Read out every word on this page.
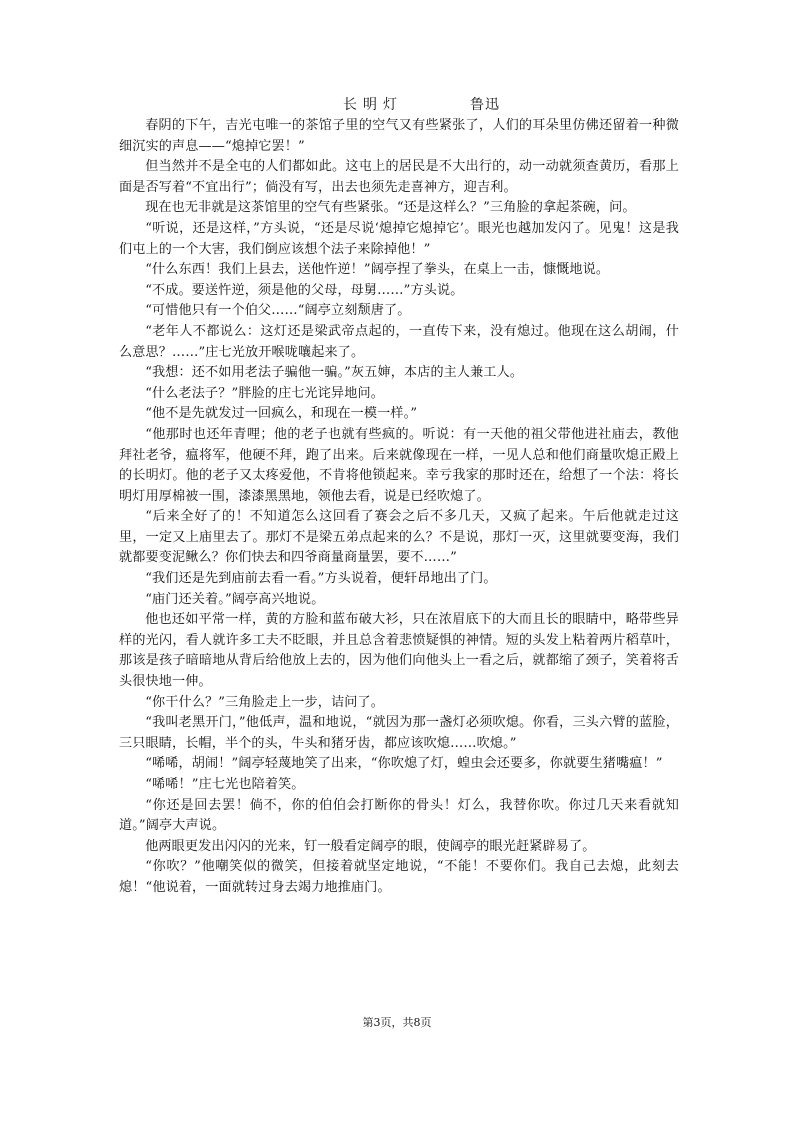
长明灯	鲁迅

春阴的下午，吉光屯唯一的茶馆子里的空气又有些紧张了，人们的耳朵里仿佛还留着一种微细沉实的声息——“熄掉它罢！”

但当然并不是全屯的人们都如此。这屯上的居民是不大出行的，动一动就须查黄历，看那上面是否写着“不宜出行”；倘没有写，出去也须先走喜神方，迎吉利。

现在也无非就是这茶馆里的空气有些紧张。“还是这样么？”三角脸的拿起茶碗，问。

“听说，还是这样，”方头说，“还是尽说‘熄掉它熄掉它’。眼光也越加发闪了。见鬼！这是我们屯上的一个大害，我们倒应该想个法子来除掉他！”

“什么东西！我们上县去，送他忤逆！”阔亭捏了拳头，在桌上一击，慷慨地说。

“不成。要送忤逆，须是他的父母，母舅……”方头说。

“可惜他只有一个伯父……“阔亭立刻颓唐了。

“老年人不都说么：这灯还是梁武帝点起的，一直传下来，没有熄过。他现在这么胡闹，什么意思？……”庄七光放开喉咙嚷起来了。

“我想：还不如用老法子骗他一骗。”灰五婶，本店的主人兼工人。

“什么老法子？”胖脸的庄七光诧异地问。

“他不是先就发过一回疯么，和现在一模一样。”

“他那时也还年青哩；他的老子也就有些疯的。听说：有一天他的祖父带他进社庙去，教他拜社老爷，瘟将军，他硬不拜，跑了出来。后来就像现在一样，一见人总和他们商量吹熄正殿上的长明灯。他的老子又太疼爱他，不肯将他锁起来。幸亏我家的那时还在，给想了一个法：将长明灯用厚棉被一围，漆漆黑黑地，领他去看，说是已经吹熄了。

“后来全好了的！不知道怎么这回看了赛会之后不多几天，又疯了起来。午后他就走过这里，一定又上庙里去了。那灯不是梁五弟点起来的么？不是说，那灯一灭，这里就要变海，我们就都要变泥鳅么？你们快去和四爷商量商量罢，要不……”

“我们还是先到庙前去看一看。”方头说着，便轩昂地出了门。

“庙门还关着。”阔亭高兴地说。

他也还如平常一样，黄的方脸和蓝布破大衫，只在浓眉底下的大而且长的眼睛中，略带些异样的光闪，看人就许多工夫不眨眼，并且总含着悲愤疑惧的神情。短的头发上粘着两片稻草叶，那该是孩子暗暗地从背后给他放上去的，因为他们向他头上一看之后，就都缩了颈子，笑着将舌头很快地一伸。

“你干什么？”三角脸走上一步，诘问了。

“我叫老黑开门，”他低声，温和地说，“就因为那一盏灯必须吹熄。你看，三头六臂的蓝脸，三只眼睛，长帽，半个的头，牛头和猪牙齿，都应该吹熄……吹熄。”

“唏唏，胡闹！”阔亭轻蔑地笑了出来，“你吹熄了灯，蝗虫会还要多，你就要生猪嘴瘟！”

“唏唏！”庄七光也陪着笑。

“你还是回去罢！倘不，你的伯伯会打断你的骨头！灯么，我替你吹。你过几天来看就知道。”阔亭大声说。

他两眼更发出闪闪的光来，钉一般看定阔亭的眼，使阔亭的眼光赶紧辟易了。

“你吹？”他嘲笑似的微笑，但接着就坚定地说，“不能！不要你们。我自己去熄，此刻去熄！“他说着，一面就转过身去竭力地推庙门。

第3页，共8页
